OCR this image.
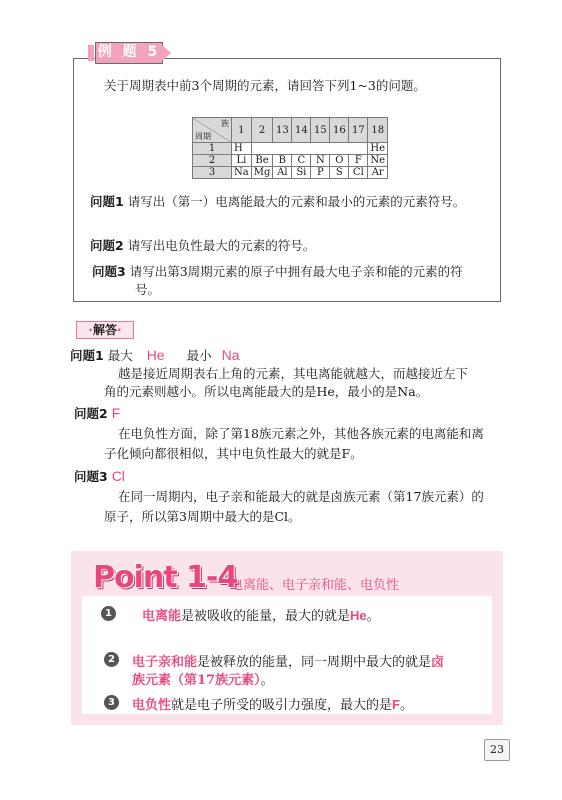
例 题 5
关于周期表中前3个周期的元素，请回答下列1~3的问题。
族
周期	1	2	13	14	15	16	17	18
1	H							He
2	Li	Be	B	C	N	O	F	Ne
3	Na	Mg	Al	Si	P	S	Cl	Ar
问题1 请写出（第一）电离能最大的元素和最小的元素的元素符号。
问题2 请写出电负性最大的元素的符号。
问题3 请写出第3周期元素的原子中拥有最大电子亲和能的元素的符
号。
·解答·
问题1 最大 He 最小 Na
越是接近周期表右上角的元素，其电离能就越大，而越接近左下
角的元素则越小。所以电离能最大的是He，最小的是Na。
问题2 F
在电负性方面，除了第18族元素之外，其他各族元素的电离能和离
子化倾向都很相似，其中电负性最大的就是F。
问题3 Cl
在同一周期内，电子亲和能最大的就是卤族元素（第17族元素）的
原子，所以第3周期中最大的是Cl。
Point 1-4
电离能、电子亲和能、电负性
1	电离能是被吸收的能量，最大的就是He。
2	电子亲和能是被释放的能量，同一周期中最大的就是卤
族元素（第17族元素）。
3	电负性就是电子所受的吸引力强度，最大的是F。
23
